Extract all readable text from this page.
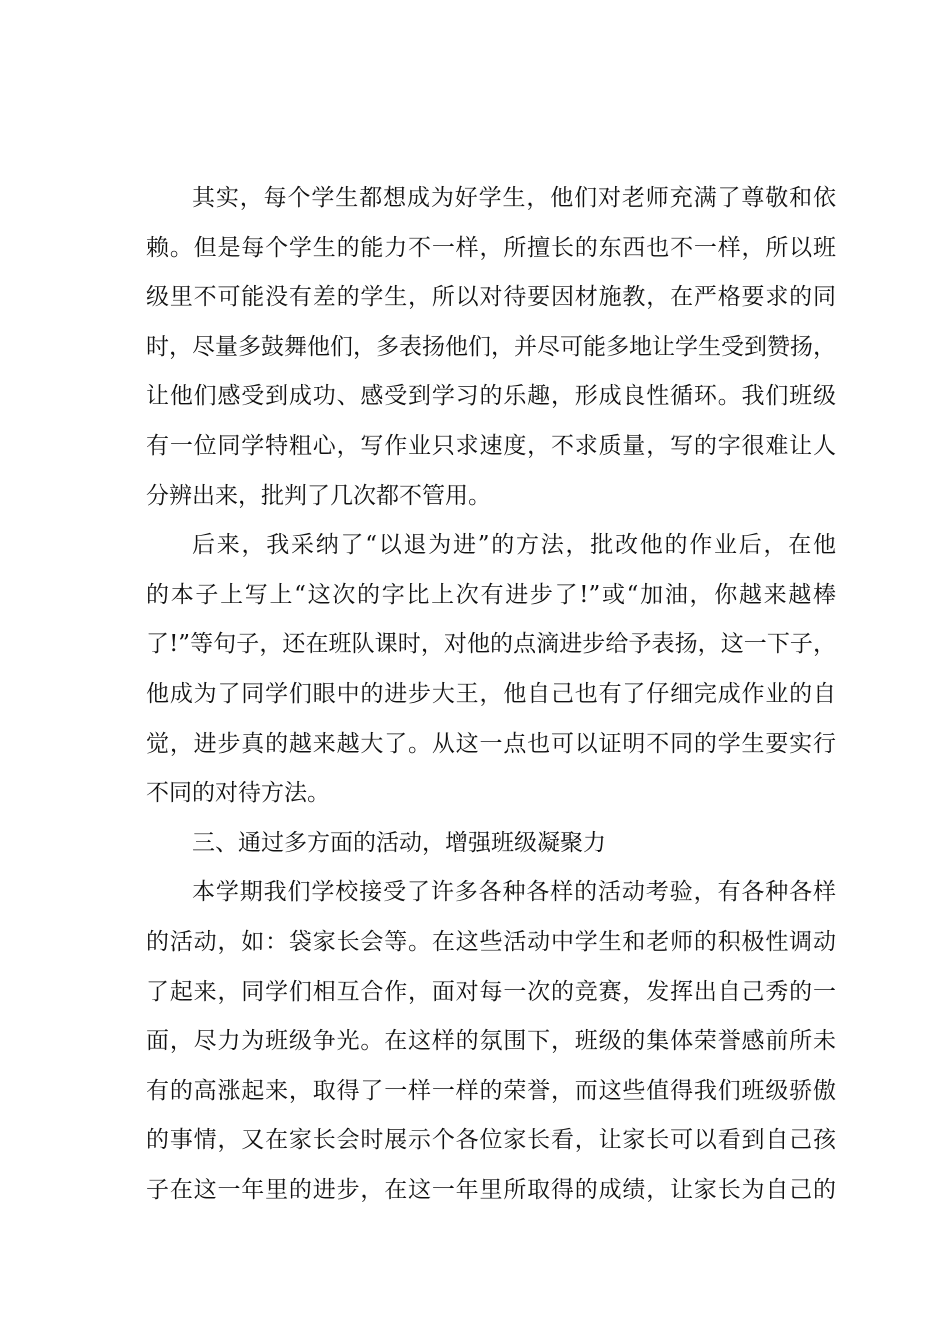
其实，每个学生都想成为好学生，他们对老师充满了尊敬和依
赖。但是每个学生的能力不一样，所擅长的东西也不一样，所以班
级里不可能没有差的学生，所以对待要因材施教，在严格要求的同
时，尽量多鼓舞他们，多表扬他们，并尽可能多地让学生受到赞扬，
让他们感受到成功、感受到学习的乐趣，形成良性循环。我们班级
有一位同学特粗心，写作业只求速度，不求质量，写的字很难让人
分辨出来，批判了几次都不管用。
后来，我采纳了“以退为进”的方法，批改他的作业后，在他
的本子上写上“这次的字比上次有进步了!”或“加油，你越来越棒
了!”等句子，还在班队课时，对他的点滴进步给予表扬，这一下子，
他成为了同学们眼中的进步大王，他自己也有了仔细完成作业的自
觉，进步真的越来越大了。从这一点也可以证明不同的学生要实行
不同的对待方法。
三、通过多方面的活动，增强班级凝聚力
本学期我们学校接受了许多各种各样的活动考验，有各种各样
的活动，如：袋家长会等。在这些活动中学生和老师的积极性调动
了起来，同学们相互合作，面对每一次的竞赛，发挥出自己秀的一
面，尽力为班级争光。在这样的氛围下，班级的集体荣誉感前所未
有的高涨起来，取得了一样一样的荣誉，而这些值得我们班级骄傲
的事情，又在家长会时展示个各位家长看，让家长可以看到自己孩
子在这一年里的进步，在这一年里所取得的成绩，让家长为自己的
